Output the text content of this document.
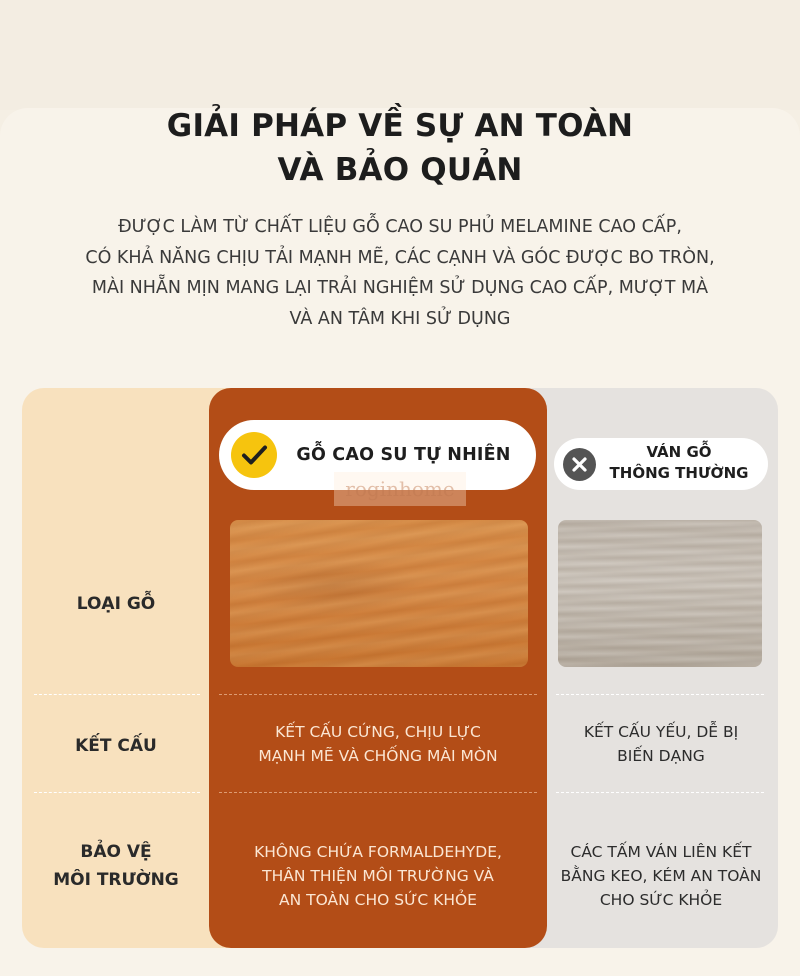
GIẢI PHÁP VỀ SỰ AN TOÀN
VÀ BẢO QUẢN
ĐƯỢC LÀM TỪ CHẤT LIỆU GỖ CAO SU PHỦ MELAMINE CAO CẤP,
CÓ KHẢ NĂNG CHỊU TẢI MẠNH MẼ, CÁC CẠNH VÀ GÓC ĐƯỢC BO TRÒN,
MÀI NHẴN MỊN MANG LẠI TRẢI NGHIỆM SỬ DỤNG CAO CẤP, MƯỢT MÀ
VÀ AN TÂM KHI SỬ DỤNG
GỖ CAO SU TỰ NHIÊN
roginhome
VÁN GỖ
THÔNG THƯỜNG
LOẠI GỖ
KẾT CẤU
KẾT CẤU CỨNG, CHỊU LỰC
MẠNH MẼ VÀ CHỐNG MÀI MÒN
KẾT CẤU YẾU, DỄ BỊ
BIẾN DẠNG
BẢO VỆ
MÔI TRƯỜNG
KHÔNG CHỨA FORMALDEHYDE,
THÂN THIỆN MÔI TRƯỜNG VÀ
AN TOÀN CHO SỨC KHỎE
CÁC TẤM VÁN LIÊN KẾT
BẰNG KEO, KÉM AN TOÀN
CHO SỨC KHỎE
